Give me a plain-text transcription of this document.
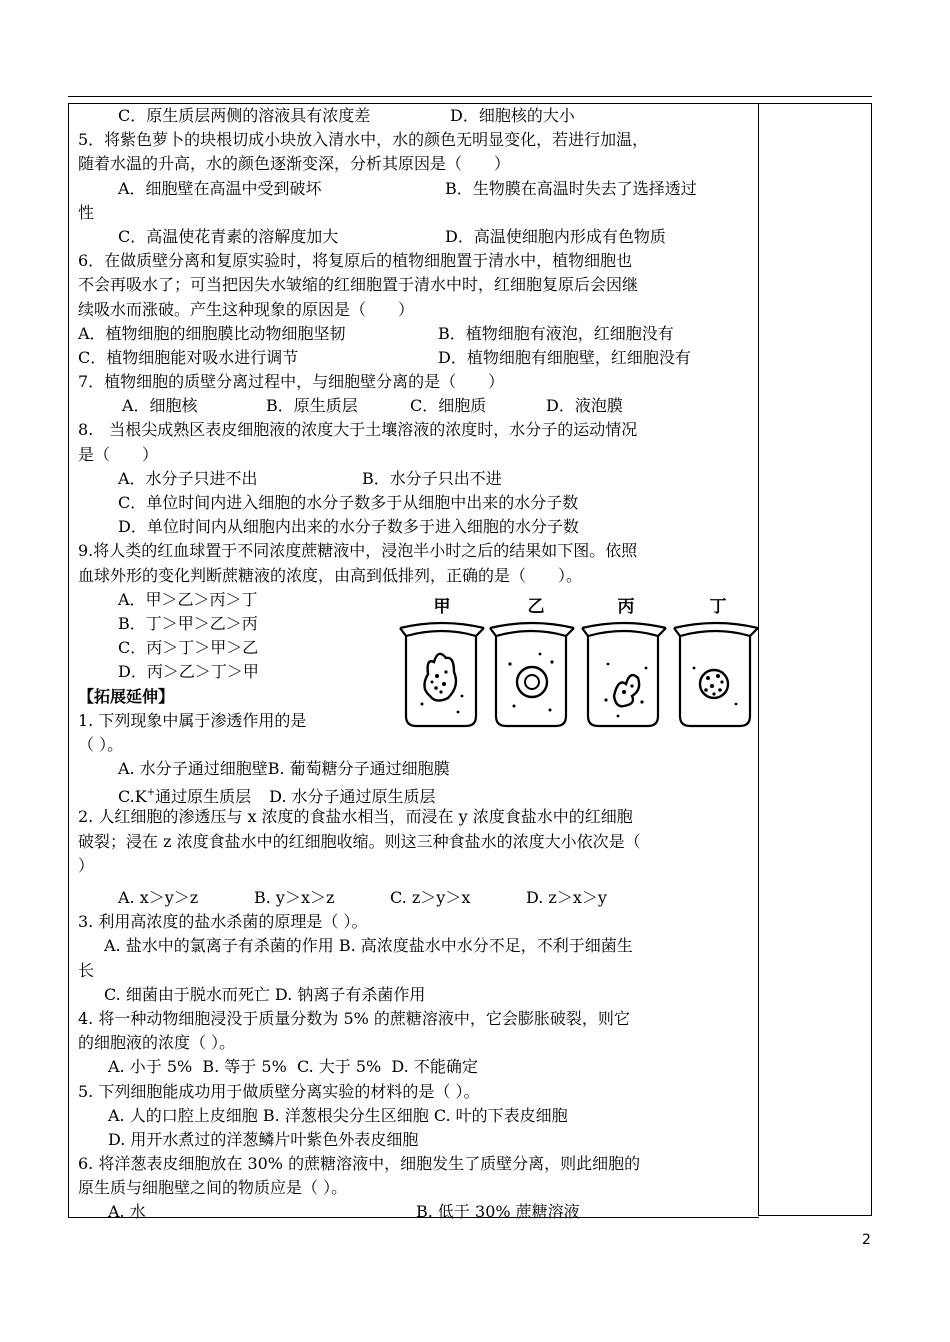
C．原生质层两侧的溶液具有浓度差	D．细胞核的大小
5．将紫色萝卜的块根切成小块放入清水中，水的颜色无明显变化，若进行加温，
随着水温的升高，水的颜色逐渐变深，分析其原因是（　　）
A．细胞壁在高温中受到破坏	B．生物膜在高温时失去了选择透过
性
C．高温使花青素的溶解度加大	D．高温使细胞内形成有色物质
6．在做质壁分离和复原实验时，将复原后的植物细胞置于清水中，植物细胞也
不会再吸水了；可当把因失水皱缩的红细胞置于清水中时，红细胞复原后会因继
续吸水而涨破。产生这种现象的原因是（　　）
A．植物细胞的细胞膜比动物细胞坚韧	B．植物细胞有液泡，红细胞没有
C．植物细胞能对吸水进行调节	D．植物细胞有细胞壁，红细胞没有
7．植物细胞的质壁分离过程中，与细胞壁分离的是（　　）
A．细胞核	B．原生质层	C．细胞质	D．液泡膜
8.　当根尖成熟区表皮细胞液的浓度大于土壤溶液的浓度时，水分子的运动情况
是（　　）
A．水分子只进不出	B．水分子只出不进
C．单位时间内进入细胞的水分子数多于从细胞中出来的水分子数
D．单位时间内从细胞内出来的水分子数多于进入细胞的水分子数
9.将人类的红血球置于不同浓度蔗糖液中，浸泡半小时之后的结果如下图。依照
血球外形的变化判断蔗糖液的浓度，由高到低排列，正确的是（　　）。
A．甲＞乙＞丙＞丁
B．丁＞甲＞乙＞丙
C．丙＞丁＞甲＞乙
D．丙＞乙＞丁＞甲
【拓展延伸】
1. 下列现象中属于渗透作用的是
（ ）。
A. 水分子通过细胞壁B. 葡萄糖分子通过细胞膜
C.K+通过原生质层 D. 水分子通过原生质层
2. 人红细胞的渗透压与 x 浓度的食盐水相当，而浸在 y 浓度食盐水中的红细胞
破裂；浸在 z 浓度食盐水中的红细胞收缩。则这三种食盐水的浓度大小依次是（
）
A. x＞y＞z	B. y＞x＞z	C. z＞y＞x	D. z＞x＞y
3. 利用高浓度的盐水杀菌的原理是（ ）。
A. 盐水中的氯离子有杀菌的作用 B. 高浓度盐水中水分不足，不利于细菌生
长
C. 细菌由于脱水而死亡 D. 钠离子有杀菌作用
4. 将一种动物细胞浸没于质量分数为 5% 的蔗糖溶液中，它会膨胀破裂，则它
的细胞液的浓度（ ）。
A. 小于 5%  B. 等于 5%  C. 大于 5%  D. 不能确定
5. 下列细胞能成功用于做质壁分离实验的材料的是（ ）。
A. 人的口腔上皮细胞 B. 洋葱根尖分生区细胞 C. 叶的下表皮细胞
D. 用开水煮过的洋葱鳞片叶紫色外表皮细胞
6. 将洋葱表皮细胞放在 30% 的蔗糖溶液中，细胞发生了质壁分离，则此细胞的
原生质与细胞壁之间的物质应是（ ）。
A. 水	B. 低于 30% 蔗糖溶液
甲	乙	丙	丁
2
